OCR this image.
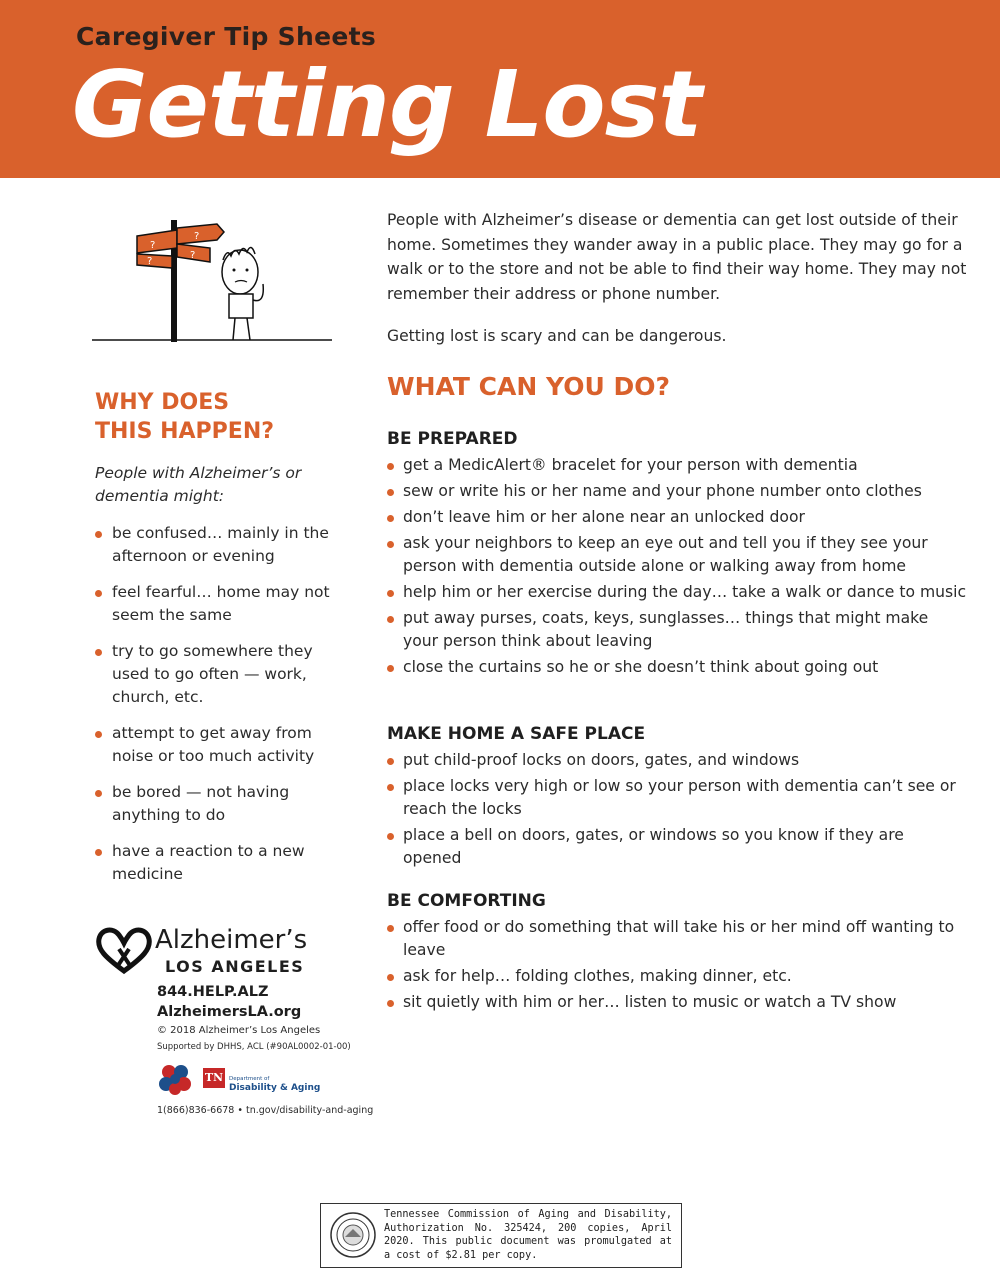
Caregiver Tip Sheets
Getting Lost
?
?
?
?

People with Alzheimer’s disease or dementia can get lost outside of their home. Sometimes they wander away in a public place. They may go for a walk or to the store and not be able to find their way home. They may not remember their address or phone number.

Getting lost is scary and can be dangerous.

WHY DOES
THIS HAPPEN?
People with Alzheimer’s or dementia might:
be confused… mainly in the afternoon or evening
feel fearful… home may not seem the same
try to go somewhere they used to go often — work, church, etc.
attempt to get away from noise or too much activity
be bored — not having anything to do
have a reaction to a new medicine
WHAT CAN YOU DO?
BE PREPARED
get a MedicAlert® bracelet for your person with dementia
sew or write his or her name and your phone number onto clothes
don’t leave him or her alone near an unlocked door
ask your neighbors to keep an eye out and tell you if they see your person with dementia outside alone or walking away from home
help him or her exercise during the day… take a walk or dance to music
put away purses, coats, keys, sunglasses… things that might make your person think about leaving
close the curtains so he or she doesn’t think about going out
MAKE HOME A SAFE PLACE
put child-proof locks on doors, gates, and windows
place locks very high or low so your person with dementia can’t see or reach the locks
place a bell on doors, gates, or windows so you know if they are opened
BE COMFORTING
offer food or do something that will take his or her mind off wanting to leave
ask for help… folding clothes, making dinner, etc.
sit quietly with him or her… listen to music or watch a TV show
Alzheimer’s
LOS ANGELES
844.HELP.ALZ
AlzheimersLA.org
© 2018 Alzheimer’s Los Angeles
Supported by DHHS, ACL (#90AL0002-01-00)
TN	Department of
Disability & Aging
1(866)836-6678 • tn.gov/disability-and-aging
Tennessee Commission of Aging and Disability, Authorization No. 325424, 200 copies, April 2020. This public document was promulgated at a cost of $2.81 per copy.
